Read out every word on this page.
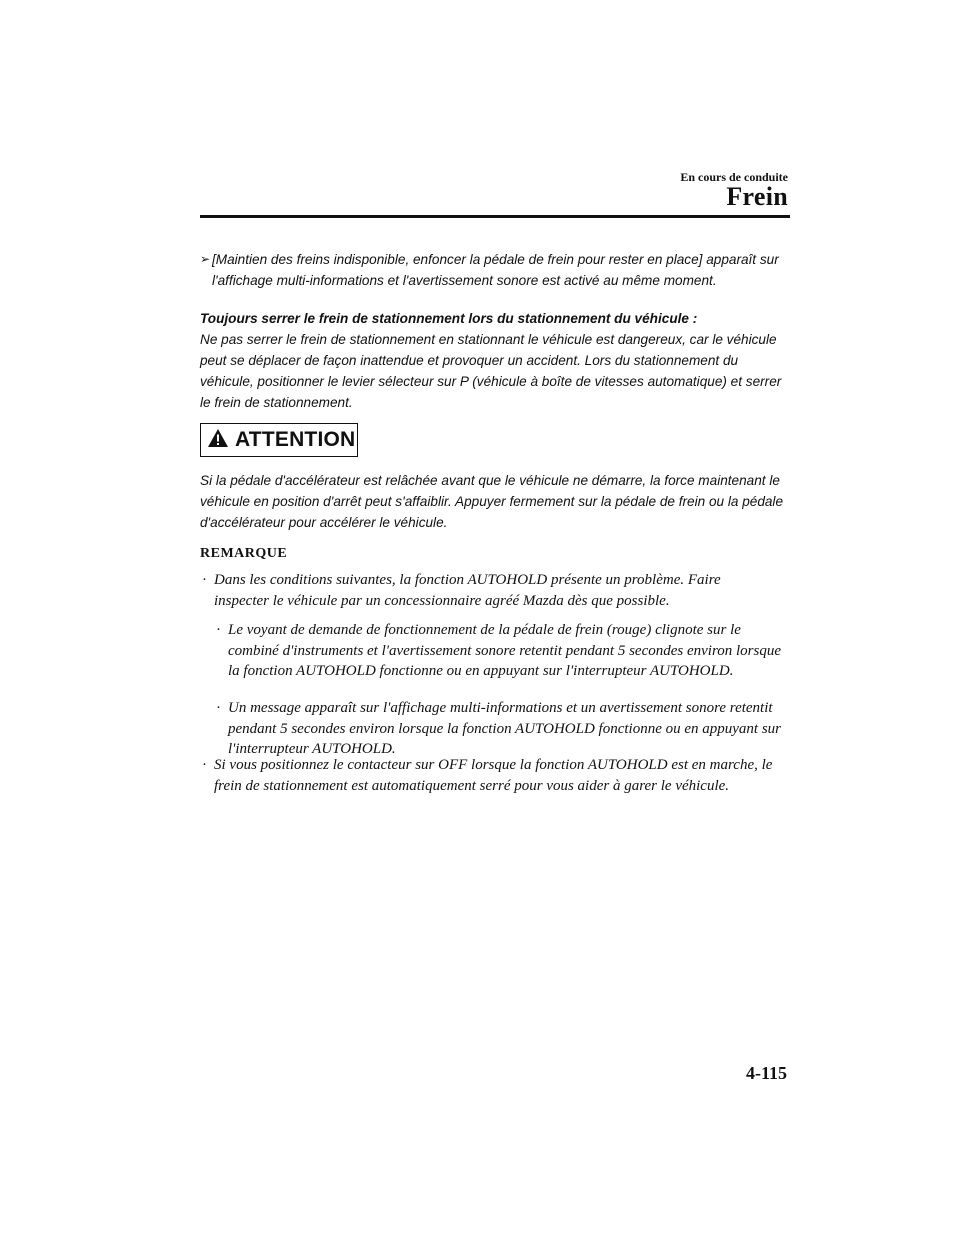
En cours de conduite
Frein
➢ [Maintien des freins indisponible, enfoncer la pédale de frein pour rester en place] apparaît sur l'affichage multi-informations et l'avertissement sonore est activé au même moment.
Toujours serrer le frein de stationnement lors du stationnement du véhicule :
Ne pas serrer le frein de stationnement en stationnant le véhicule est dangereux, car le véhicule peut se déplacer de façon inattendue et provoquer un accident. Lors du stationnement du véhicule, positionner le levier sélecteur sur P (véhicule à boîte de vitesses automatique) et serrer le frein de stationnement.
ATTENTION
Si la pédale d'accélérateur est relâchée avant que le véhicule ne démarre, la force maintenant le véhicule en position d'arrêt peut s'affaiblir. Appuyer fermement sur la pédale de frein ou la pédale d'accélérateur pour accélérer le véhicule.
REMARQUE
· Dans les conditions suivantes, la fonction AUTOHOLD présente un problème. Faire inspecter le véhicule par un concessionnaire agréé Mazda dès que possible.
· Le voyant de demande de fonctionnement de la pédale de frein (rouge) clignote sur le combiné d'instruments et l'avertissement sonore retentit pendant 5 secondes environ lorsque la fonction AUTOHOLD fonctionne ou en appuyant sur l'interrupteur AUTOHOLD.
· Un message apparaît sur l'affichage multi-informations et un avertissement sonore retentit pendant 5 secondes environ lorsque la fonction AUTOHOLD fonctionne ou en appuyant sur l'interrupteur AUTOHOLD.
· Si vous positionnez le contacteur sur OFF lorsque la fonction AUTOHOLD est en marche, le frein de stationnement est automatiquement serré pour vous aider à garer le véhicule.
4-115
